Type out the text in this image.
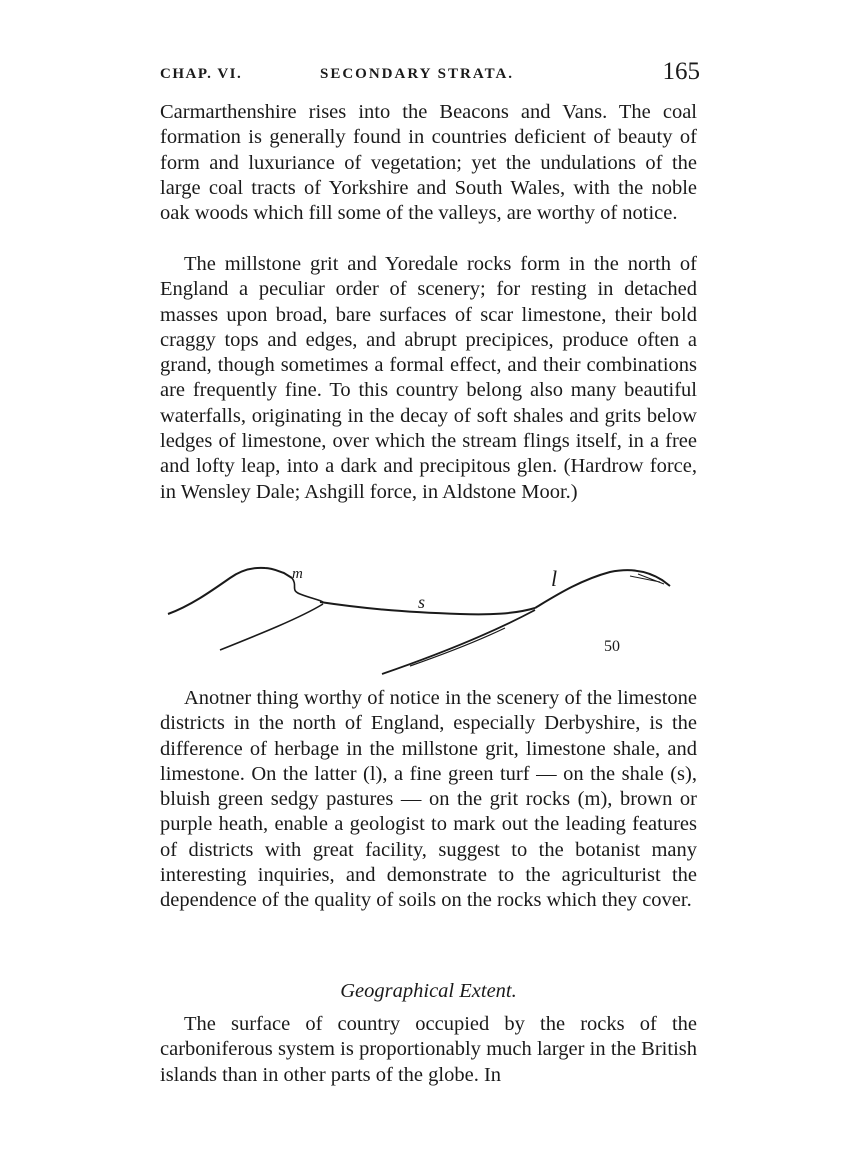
CHAP. VI.	SECONDARY STRATA.	165

Carmarthenshire rises into the Beacons and Vans. The coal formation is generally found in countries deficient of beauty of form and luxuriance of vegetation; yet the undulations of the large coal tracts of Yorkshire and South Wales, with the noble oak woods which fill some of the valleys, are worthy of notice.

The millstone grit and Yoredale rocks form in the north of England a peculiar order of scenery; for resting in detached masses upon broad, bare surfaces of scar limestone, their bold craggy tops and edges, and abrupt precipices, produce often a grand, though sometimes a formal effect, and their combinations are frequently fine. To this country belong also many beautiful waterfalls, originating in the decay of soft shales and grits below ledges of limestone, over which the stream flings itself, in a free and lofty leap, into a dark and precipitous glen. (Hardrow force, in Wensley Dale; Ashgill force, in Aldstone Moor.)

m
s
l
50

Anotner thing worthy of notice in the scenery of the limestone districts in the north of England, especially Derbyshire, is the difference of herbage in the millstone grit, limestone shale, and limestone. On the latter (l), a fine green turf — on the shale (s), bluish green sedgy pastures — on the grit rocks (m), brown or purple heath, enable a geologist to mark out the leading features of districts with great facility, suggest to the botanist many interesting inquiries, and demonstrate to the agriculturist the dependence of the quality of soils on the rocks which they cover.

Geographical Extent.

The surface of country occupied by the rocks of the carboniferous system is proportionably much larger in the British islands than in other parts of the globe. In
